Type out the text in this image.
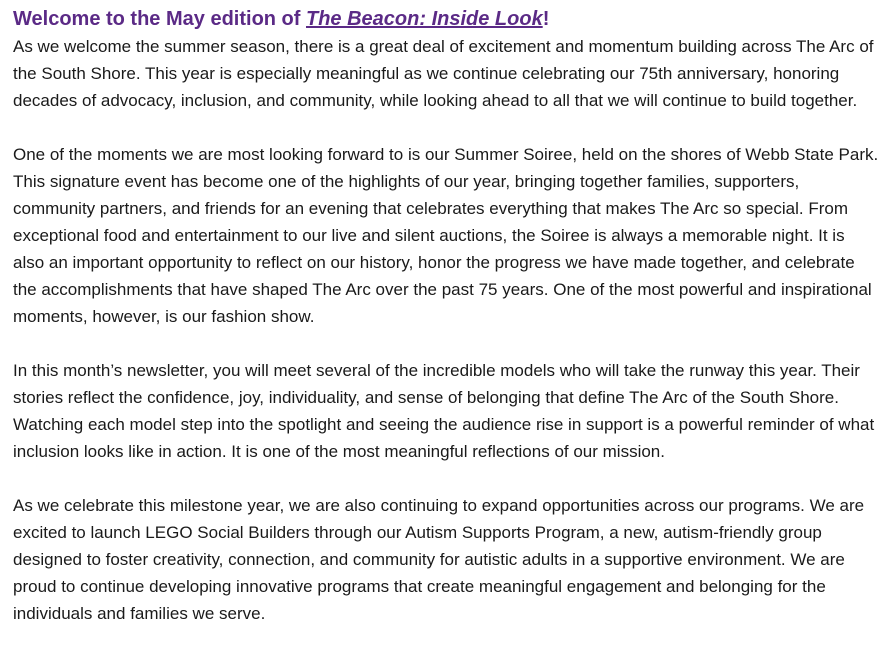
Welcome to the May edition of The Beacon: Inside Look!

As we welcome the summer season, there is a great deal of excitement and momentum building across The Arc of the South Shore. This year is especially meaningful as we continue celebrating our 75th anniversary, honoring decades of advocacy, inclusion, and community, while looking ahead to all that we will continue to build together.

One of the moments we are most looking forward to is our Summer Soiree, held on the shores of Webb State Park. This signature event has become one of the highlights of our year, bringing together families, supporters, community partners, and friends for an evening that celebrates everything that makes The Arc so special. From exceptional food and entertainment to our live and silent auctions, the Soiree is always a memorable night. It is also an important opportunity to reflect on our history, honor the progress we have made together, and celebrate the accomplishments that have shaped The Arc over the past 75 years. One of the most powerful and inspirational moments, however, is our fashion show.

In this month’s newsletter, you will meet several of the incredible models who will take the runway this year. Their stories reflect the confidence, joy, individuality, and sense of belonging that define The Arc of the South Shore. Watching each model step into the spotlight and seeing the audience rise in support is a powerful reminder of what inclusion looks like in action. It is one of the most meaningful reflections of our mission.

As we celebrate this milestone year, we are also continuing to expand opportunities across our programs. We are excited to launch LEGO Social Builders through our Autism Supports Program, a new, autism-friendly group designed to foster creativity, connection, and community for autistic adults in a supportive environment. We are proud to continue developing innovative programs that create meaningful engagement and belonging for the individuals and families we serve.
